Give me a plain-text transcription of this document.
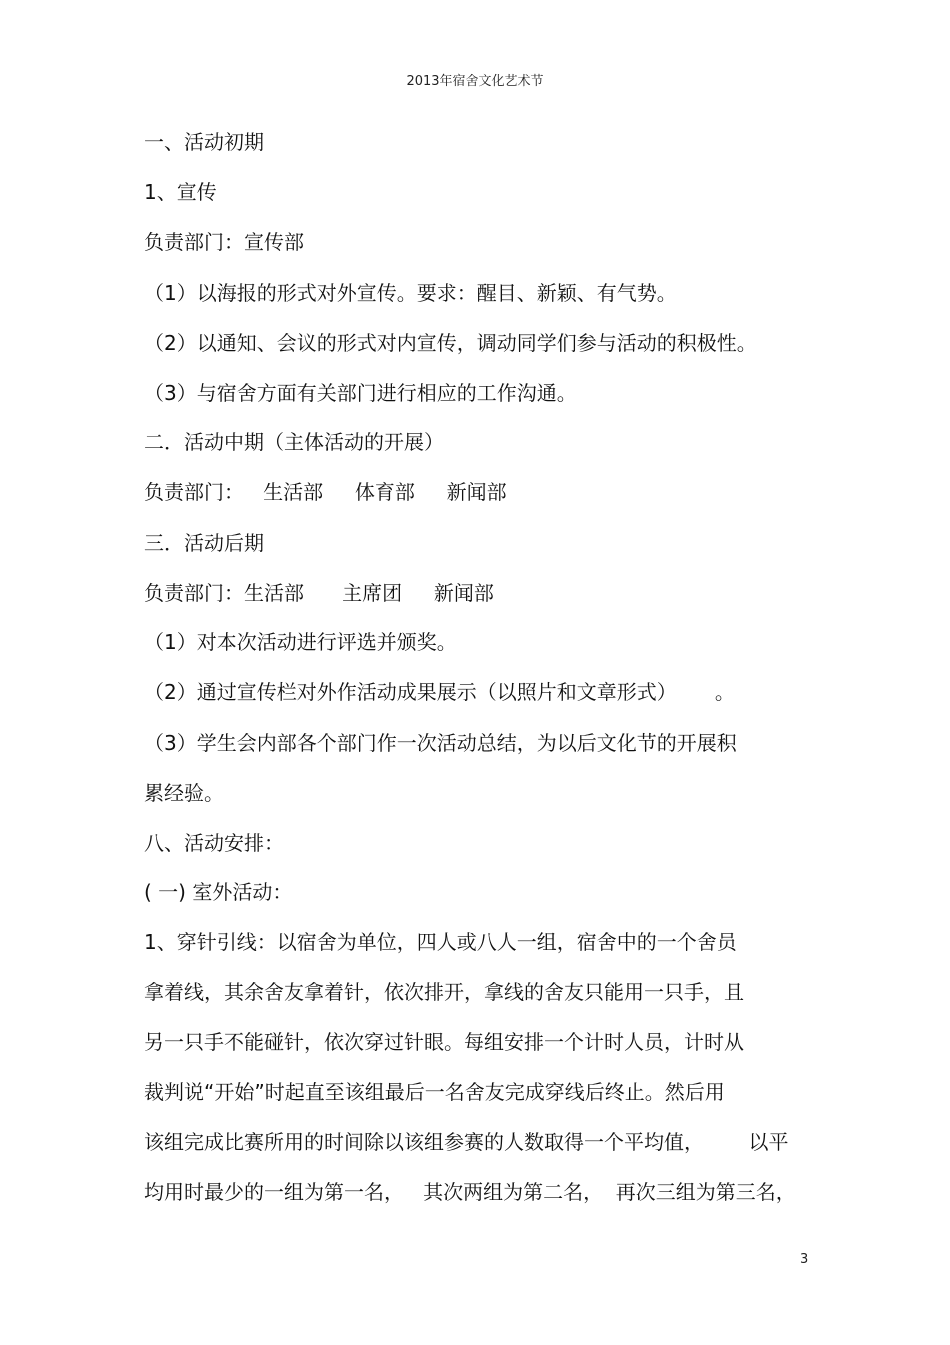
2013年宿舍文化艺术节
一、活动初期
1、宣传
负责部门：宣传部
（1）以海报的形式对外宣传。要求：醒目、新颖、有气势。
（2）以通知、会议的形式对内宣传，调动同学们参与活动的积极性。
（3）与宿舍方面有关部门进行相应的工作沟通。
二．活动中期（主体活动的开展）
负责部门：   生活部     体育部     新闻部
三．活动后期
负责部门：生活部      主席团     新闻部
（1）对本次活动进行评选并颁奖。
（2）通过宣传栏对外作活动成果展示（以照片和文章形式）      。
（3）学生会内部各个部门作一次活动总结，为以后文化节的开展积
累经验。
八、活动安排：
( 一) 室外活动：
1、穿针引线：以宿舍为单位，四人或八人一组，宿舍中的一个舍员
拿着线，其余舍友拿着针，依次排开，拿线的舍友只能用一只手，且
另一只手不能碰针，依次穿过针眼。每组安排一个计时人员，计时从
裁判说“开始”时起直至该组最后一名舍友完成穿线后终止。然后用
该组完成比赛所用的时间除以该组参赛的人数取得一个平均值，       以平
均用时最少的一组为第一名，   其次两组为第二名，  再次三组为第三名，
3
